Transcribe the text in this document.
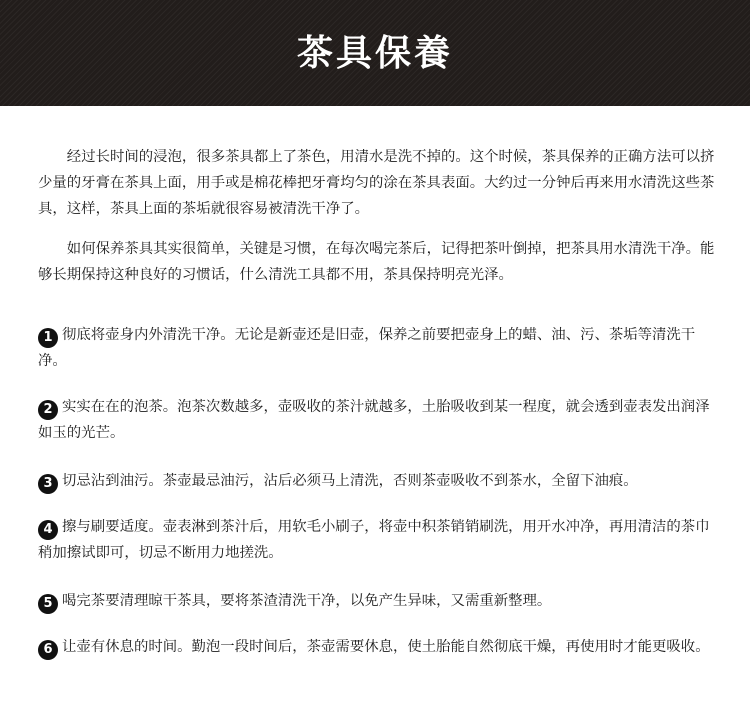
茶具保養

经过长时间的浸泡，很多茶具都上了茶色，用清水是洗不掉的。这个时候，茶具保养的正确方法可以挤少量的牙膏在茶具上面，用手或是棉花棒把牙膏均匀的涂在茶具表面。大约过一分钟后再来用水清洗这些茶具，这样，茶具上面的茶垢就很容易被清洗干净了。

如何保养茶具其实很简单，关键是习惯，在每次喝完茶后，记得把茶叶倒掉，把茶具用水清洗干净。能够长期保持这种良好的习惯话，什么清洗工具都不用，茶具保持明亮光泽。

1 彻底将壶身内外清洗干净。无论是新壶还是旧壶，保养之前要把壶身上的蜡、油、污、茶垢等清洗干净。

2 实实在在的泡茶。泡茶次数越多，壶吸收的茶汁就越多，土胎吸收到某一程度，就会透到壶表发出润泽如玉的光芒。

3 切忌沾到油污。茶壶最忌油污，沾后必须马上清洗，否则茶壶吸收不到茶水，全留下油痕。

4 擦与刷要适度。壶表淋到茶汁后，用软毛小刷子，将壶中积茶销销刷洗，用开水冲净，再用清洁的茶巾稍加擦试即可，切忌不断用力地搓洗。

5 喝完茶要清理晾干茶具，要将茶渣清洗干净，以免产生异味，又需重新整理。

6 让壶有休息的时间。勤泡一段时间后，茶壶需要休息，使土胎能自然彻底干燥，再使用时才能更吸收。
